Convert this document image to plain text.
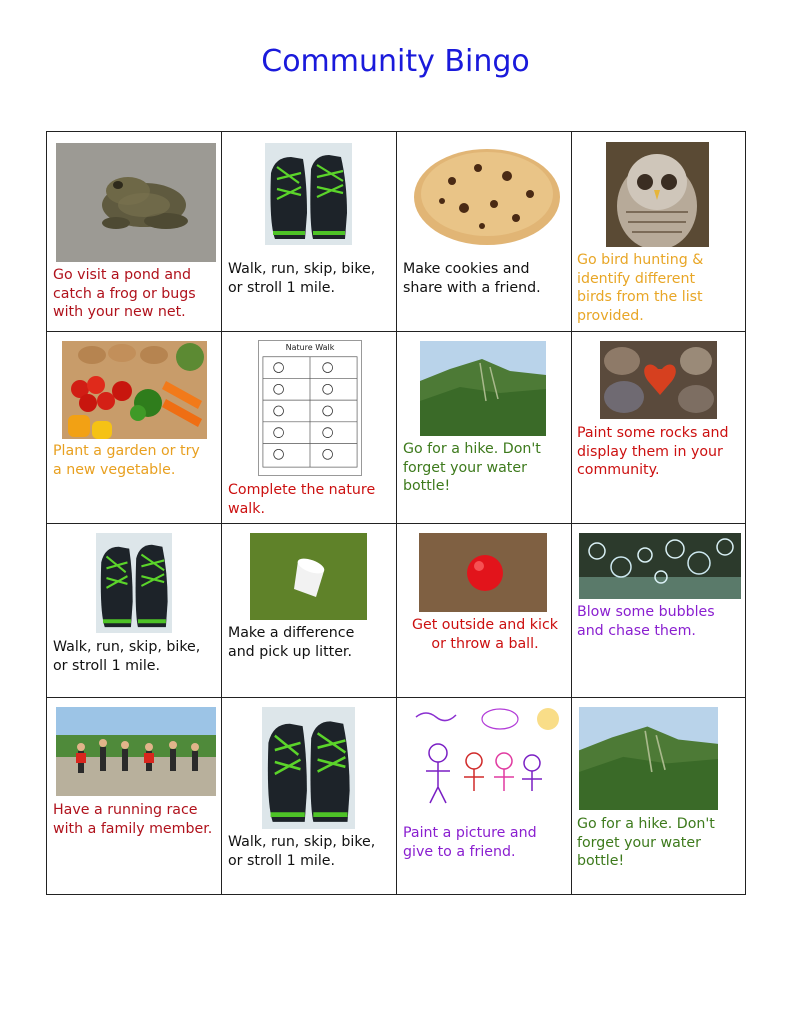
Community Bingo
Go visit a pond and
catch a frog or bugs
with your new net.
Walk, run, skip, bike,
or stroll 1 mile.
Make cookies and
share with a friend.
Go bird hunting &
identify different
birds from the list
provided.
Plant a garden or try
a new vegetable.
Nature Walk
Complete the nature
walk.
Go for a hike. Don't
forget your water
bottle!
Paint some rocks and
display them in your
community.
Walk, run, skip, bike,
or stroll 1 mile.
Make a difference
and pick up litter.
Get outside and kick
or throw a ball.
Blow some bubbles
and chase them.
Have a running race
with a family member.
Walk, run, skip, bike,
or stroll 1 mile.
Paint a picture and
give to a friend.
Go for a hike. Don't
forget your water
bottle!
